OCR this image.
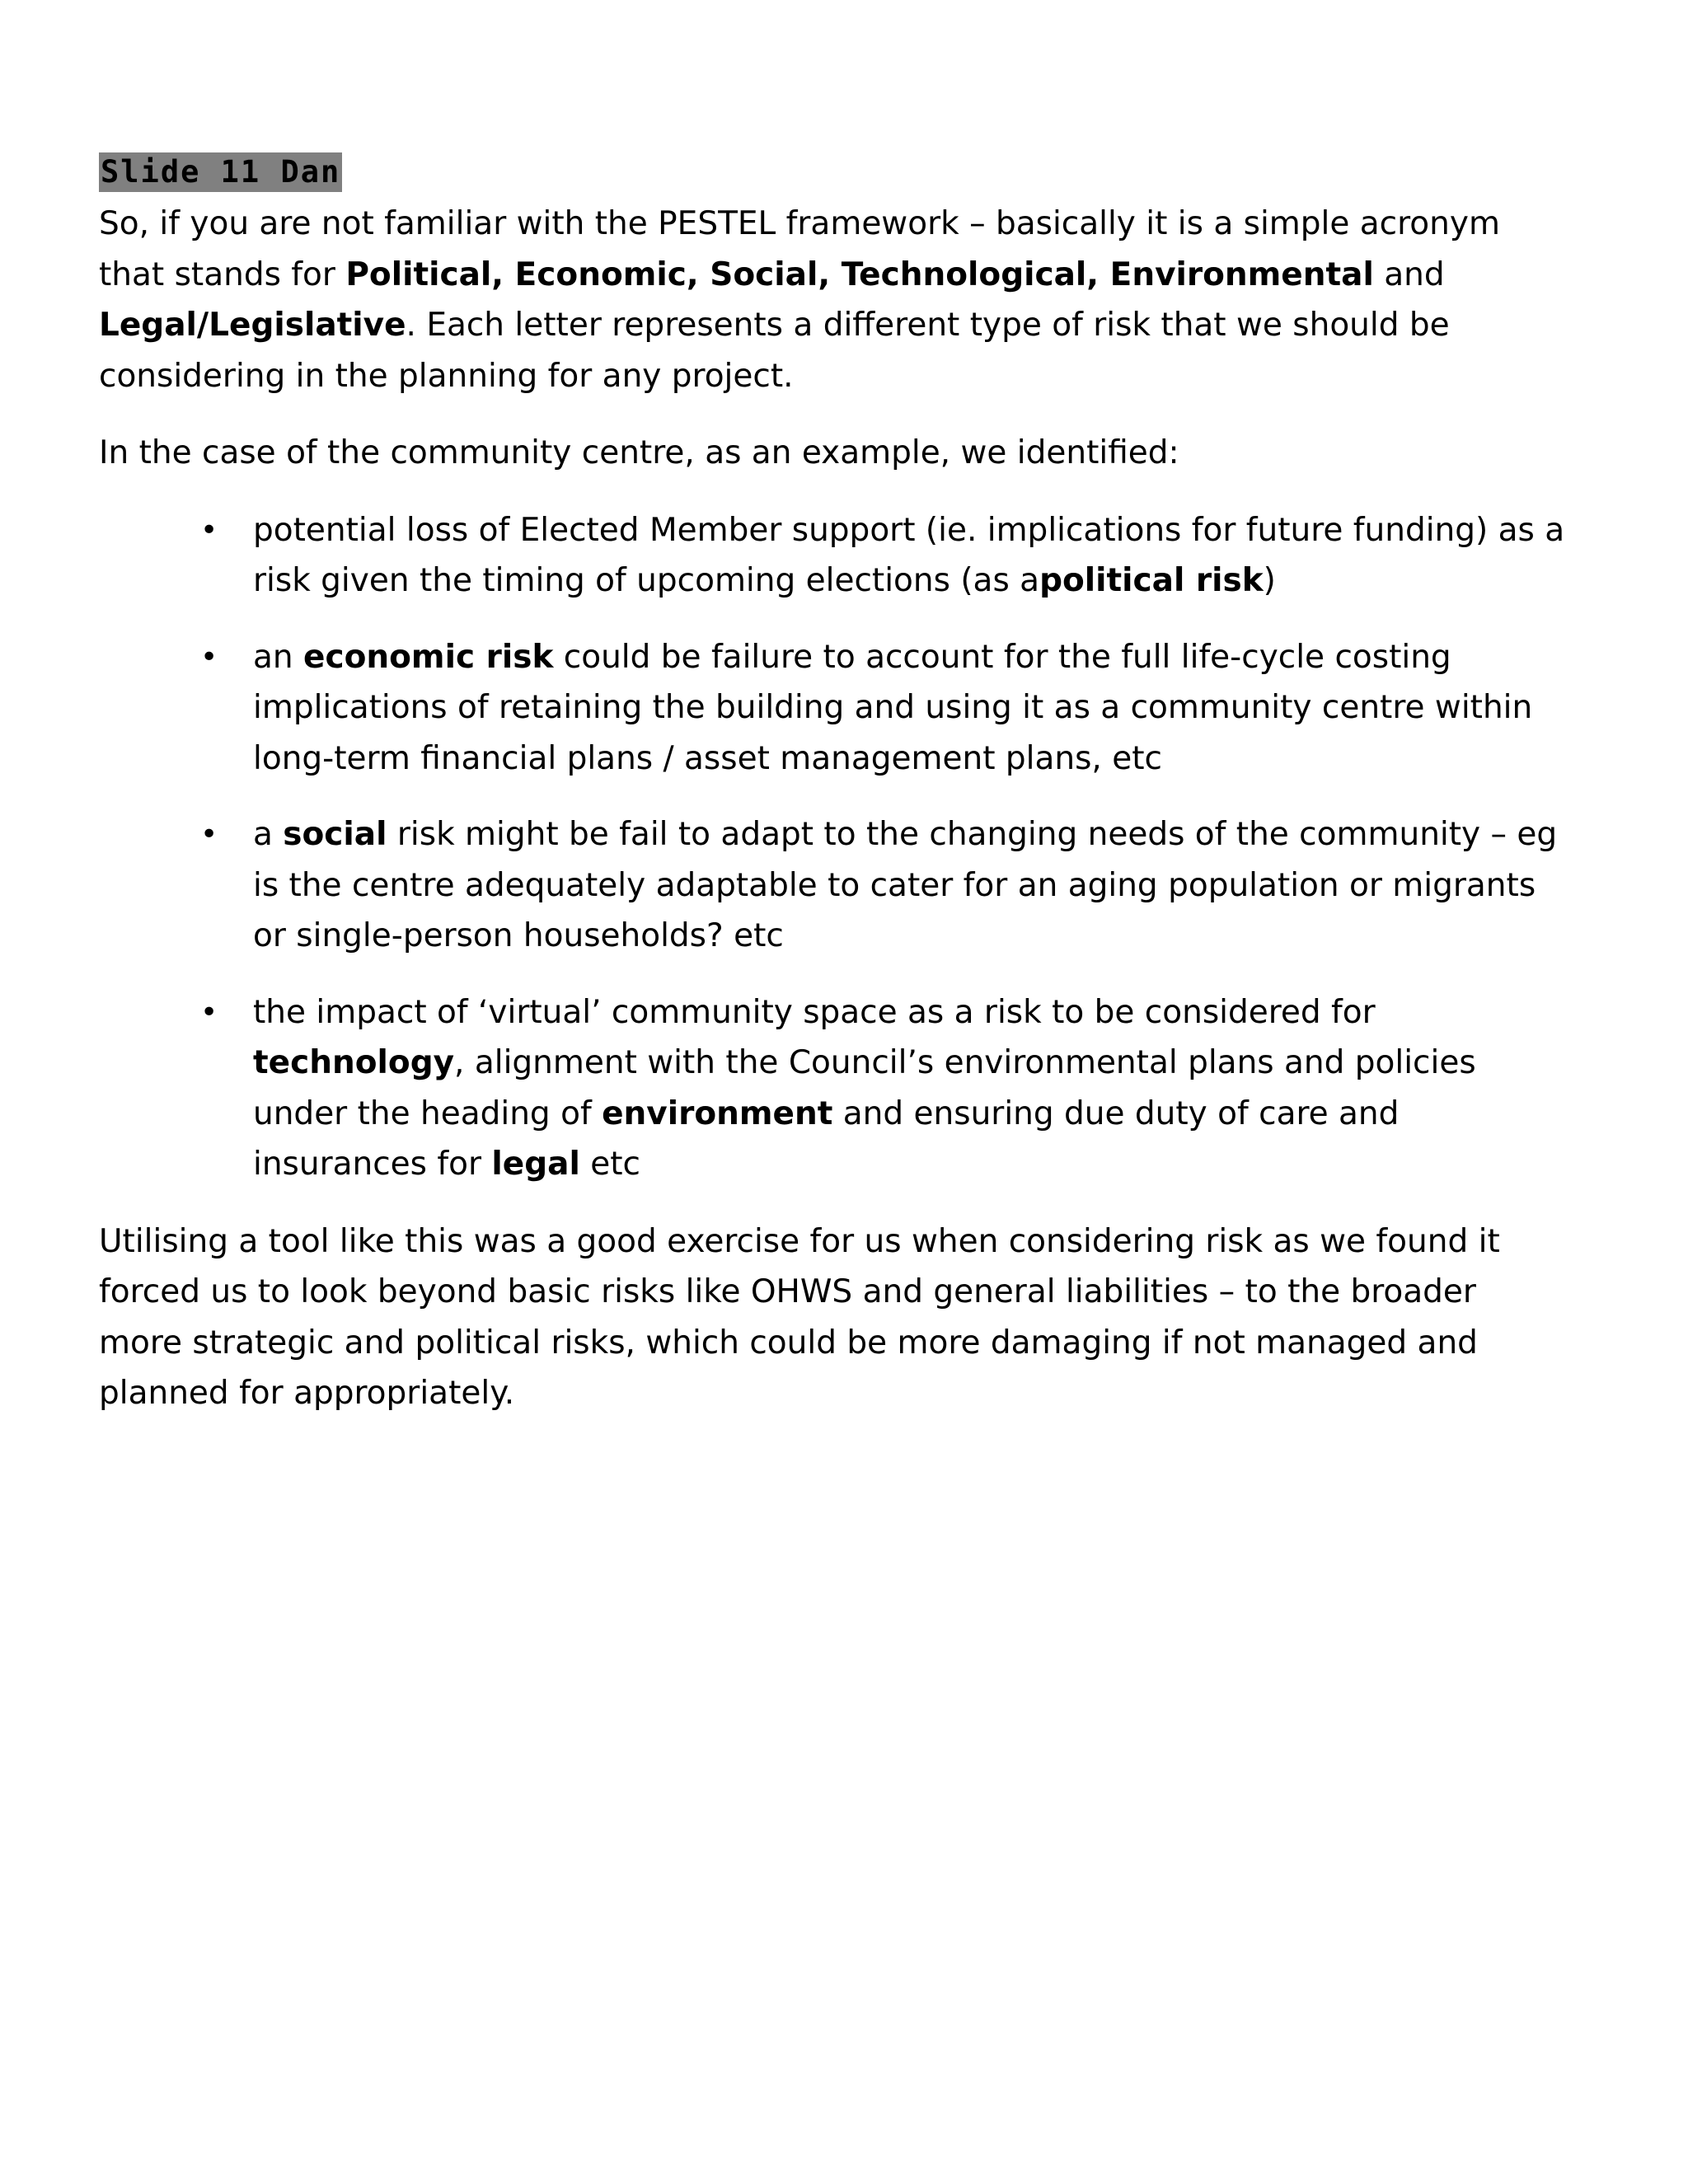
Slide 11 Dan

So, if you are not familiar with the PESTEL framework – basically it is a simple acronym that stands for Political, Economic, Social, Technological, Environmental and Legal/Legislative. Each letter represents a different type of risk that we should be considering in the planning for any project.

In the case of the community centre, as an example, we identified:

• potential loss of Elected Member support (ie. implications for future funding) as a risk given the timing of upcoming elections (as apolitical risk)
• an economic risk could be failure to account for the full life-cycle costing implications of retaining the building and using it as a community centre within long-term financial plans / asset management plans, etc
• a social risk might be fail to adapt to the changing needs of the community – eg is the centre adequately adaptable to cater for an aging population or migrants or single-person households? etc
• the impact of ‘virtual’ community space as a risk to be considered for technology, alignment with the Council’s environmental plans and policies under the heading of environment and ensuring due duty of care and insurances for legal etc

Utilising a tool like this was a good exercise for us when considering risk as we found it forced us to look beyond basic risks like OHWS and general liabilities – to the broader more strategic and political risks, which could be more damaging if not managed and planned for appropriately.
